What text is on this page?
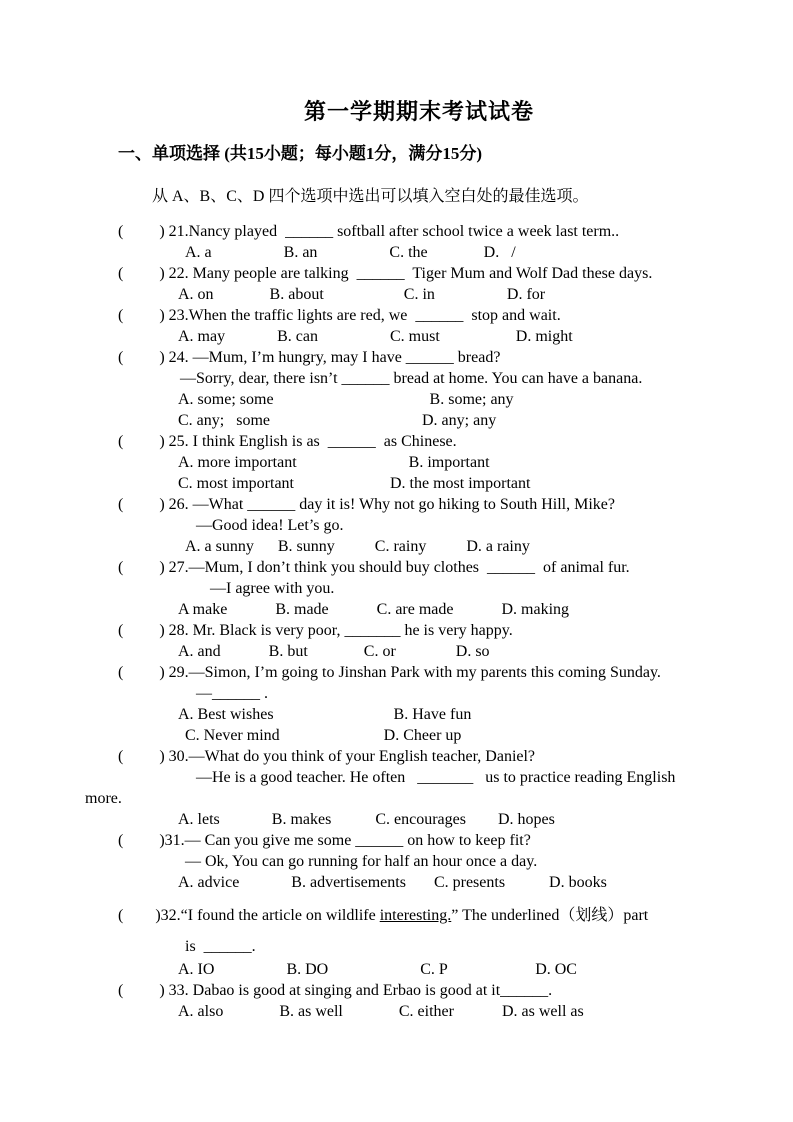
第一学期期末考试试卷
一、单项选择 (共15小题；每小题1分，满分15分)
从 A、B、C、D 四个选项中选出可以填入空白处的最佳选项。
(         ) 21.Nancy played  ______ softball after school twice a week last term..
A. a                  B. an                  C. the              D.   /
(         ) 22. Many people are talking  ______  Tiger Mum and Wolf Dad these days.
A. on              B. about                    C. in                  D. for
(         ) 23.When the traffic lights are red, we  ______  stop and wait.
A. may             B. can                  C. must                   D. might
(         ) 24. —Mum, I’m hungry, may I have ______ bread?
—Sorry, dear, there isn’t ______ bread at home. You can have a banana.
A. some; some                                       B. some; any
C. any;   some                                      D. any; any
(         ) 25. I think English is as  ______  as Chinese.
A. more important                            B. important
C. most important                        D. the most important
(         ) 26. —What ______ day it is! Why not go hiking to South Hill, Mike?
—Good idea! Let’s go.
A. a sunny      B. sunny          C. rainy          D. a rainy
(         ) 27.—Mum, I don’t think you should buy clothes  ______  of animal fur.
—I agree with you.
A make            B. made            C. are made            D. making
(         ) 28. Mr. Black is very poor, _______ he is very happy.
A. and            B. but              C. or               D. so
(         ) 29.—Simon, I’m going to Jinshan Park with my parents this coming Sunday.
—______ .
A. Best wishes                              B. Have fun
C. Never mind                          D. Cheer up
(         ) 30.—What do you think of your English teacher, Daniel?
—He is a good teacher. He often   _______   us to practice reading English
more.
A. lets             B. makes           C. encourages        D. hopes
(         )31.— Can you give me some ______ on how to keep fit?
— Ok, You can go running for half an hour once a day.
A. advice             B. advertisements       C. presents           D. books
(        )32.“I found the article on wildlife interesting.” The underlined（划线）part
is  ______.
A. IO                  B. DO                       C. P                      D. OC
(         ) 33. Dabao is good at singing and Erbao is good at it______.
A. also              B. as well              C. either            D. as well as
